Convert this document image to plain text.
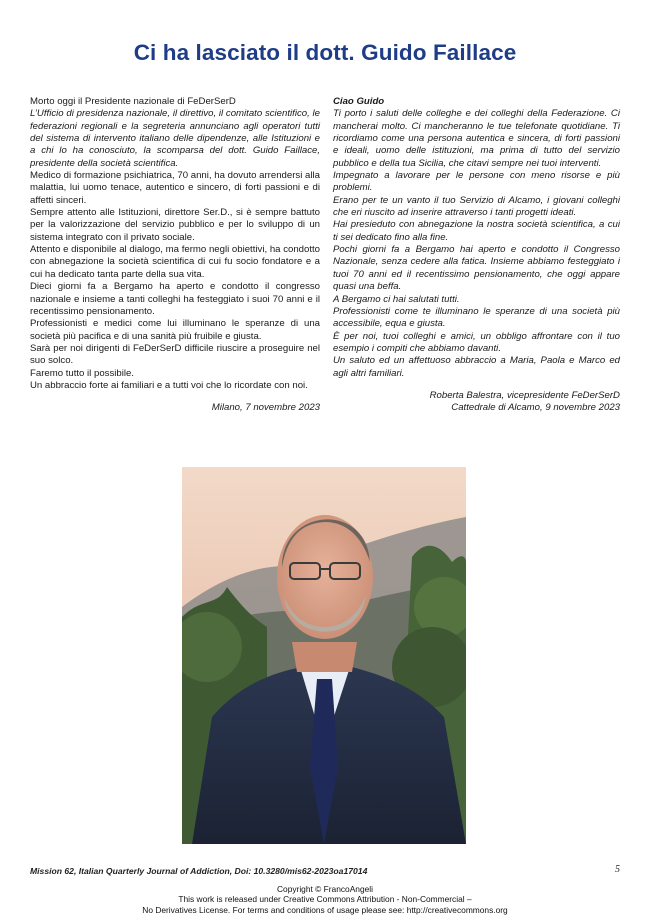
Ci ha lasciato il dott. Guido Faillace

Morto oggi il Presidente nazionale di FeDerSerD

L’Ufficio di presidenza nazionale, il direttivo, il comitato scientifico, le federazioni regionali e la segreteria annunciano agli operatori tutti del sistema di intervento italiano delle dipendenze, alle Istituzioni e a chi lo ha conosciuto, la scomparsa del dott. Guido Faillace, presidente della società scientifica.

Medico di formazione psichiatrica, 70 anni, ha dovuto arrendersi alla malattia, lui uomo tenace, autentico e sincero, di forti passioni e di affetti sinceri.

Sempre attento alle Istituzioni, direttore Ser.D., si è sempre battuto per la valorizzazione del servizio pubblico e per lo sviluppo di un sistema integrato con il privato sociale.

Attento e disponibile al dialogo, ma fermo negli obiettivi, ha condotto con abnegazione la società scientifica di cui fu socio fondatore e a cui ha dedicato tanta parte della sua vita.

Dieci giorni fa a Bergamo ha aperto e condotto il congresso nazionale e insieme a tanti colleghi ha festeggiato i suoi 70 anni e il recentissimo pensionamento.

Professionisti e medici come lui illuminano le speranze di una società più pacifica e di una sanità più fruibile e giusta.

Sarà per noi dirigenti di FeDerSerD difficile riuscire a proseguire nel suo solco.

Faremo tutto il possibile.

Un abbraccio forte ai familiari e a tutti voi che lo ricordate con noi.

Milano, 7 novembre 2023

Ciao Guido

Ti porto i saluti delle colleghe e dei colleghi della Federazione. Ci mancherai molto. Ci mancheranno le tue telefonate quotidiane. Ti ricordiamo come una persona autentica e sincera, di forti passioni e ideali, uomo delle istituzioni, ma prima di tutto del servizio pubblico e della tua Sicilia, che citavi sempre nei tuoi interventi.

Impegnato a lavorare per le persone con meno risorse e più problemi.

Erano per te un vanto il tuo Servizio di Alcamo, i giovani colleghi che eri riuscito ad inserire attraverso i tanti progetti ideati.

Hai presieduto con abnegazione la nostra società scientifica, a cui ti sei dedicato fino alla fine.

Pochi giorni fa a Bergamo hai aperto e condotto il Congresso Nazionale, senza cedere alla fatica. Insieme abbiamo festeggiato i tuoi 70 anni ed il recentissimo pensionamento, che oggi appare quasi una beffa.

A Bergamo ci hai salutati tutti.

Professionisti come te illuminano le speranze di una società più accessibile, equa e giusta.

È per noi, tuoi colleghi e amici, un obbligo affrontare con il tuo esempio i compiti che abbiamo davanti.

Un saluto ed un affettuoso abbraccio a Maria, Paola e Marco ed agli altri familiari.

Roberta Balestra, vicepresidente FeDerSerD

Cattedrale di Alcamo, 9 novembre 2023

Mission 62, Italian Quarterly Journal of Addiction, Doi: 10.3280/mis62-2023oa17014	5
Copyright © FrancoAngeli
This work is released under Creative Commons Attribution - Non-Commercial –
No Derivatives License. For terms and conditions of usage please see: http://creativecommons.org
